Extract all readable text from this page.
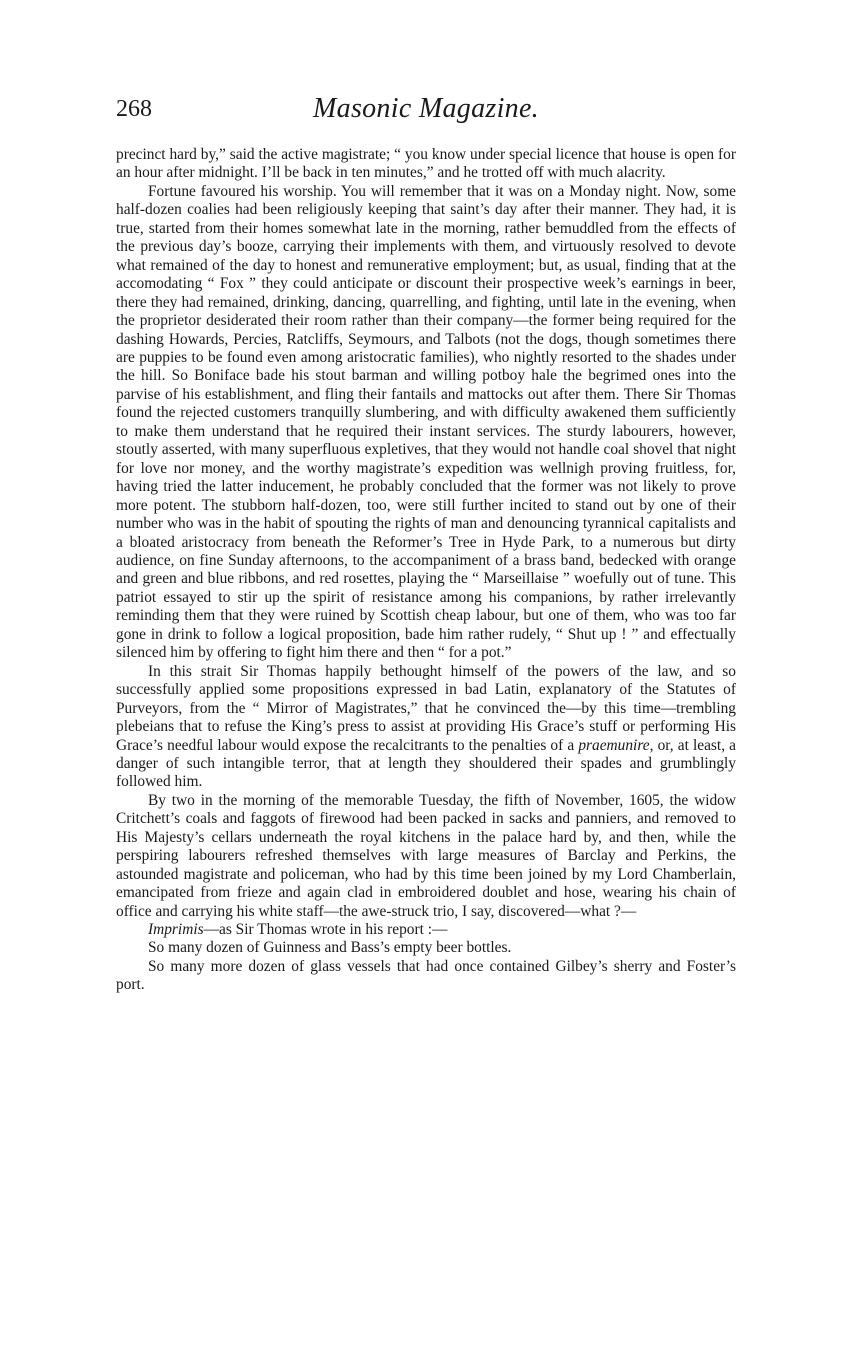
268	Masonic Magazine.

precinct hard by,” said the active magistrate; “ you know under special licence that house is open for an hour after midnight. I’ll be back in ten minutes,” and he trotted off with much alacrity.

Fortune favoured his worship. You will remember that it was on a Monday night. Now, some half-dozen coalies had been religiously keeping that saint’s day after their manner. They had, it is true, started from their homes somewhat late in the morning, rather bemuddled from the effects of the previous day’s booze, carrying their implements with them, and virtuously resolved to devote what remained of the day to honest and remunerative employment; but, as usual, finding that at the accomodating “ Fox ” they could anticipate or discount their prospective week’s earnings in beer, there they had remained, drinking, dancing, quarrelling, and fighting, until late in the evening, when the proprietor desiderated their room rather than their company—the former being required for the dashing Howards, Percies, Ratcliffs, Seymours, and Talbots (not the dogs, though sometimes there are puppies to be found even among aristocratic families), who nightly resorted to the shades under the hill. So Boniface bade his stout barman and willing potboy hale the begrimed ones into the parvise of his establishment, and fling their fantails and mattocks out after them. There Sir Thomas found the rejected customers tranquilly slumbering, and with difficulty awakened them sufficiently to make them understand that he required their instant services. The sturdy labourers, however, stoutly asserted, with many superfluous expletives, that they would not handle coal shovel that night for love nor money, and the worthy magistrate’s expedition was wellnigh proving fruitless, for, having tried the latter inducement, he probably concluded that the former was not likely to prove more potent. The stubborn half-dozen, too, were still further incited to stand out by one of their number who was in the habit of spouting the rights of man and denouncing tyrannical capitalists and a bloated aristocracy from beneath the Reformer’s Tree in Hyde Park, to a numerous but dirty audience, on fine Sunday afternoons, to the accompaniment of a brass band, bedecked with orange and green and blue ribbons, and red rosettes, playing the “ Marseillaise ” woefully out of tune. This patriot essayed to stir up the spirit of resistance among his companions, by rather irrelevantly reminding them that they were ruined by Scottish cheap labour, but one of them, who was too far gone in drink to follow a logical proposition, bade him rather rudely, “ Shut up ! ” and effectually silenced him by offering to fight him there and then “ for a pot.”

In this strait Sir Thomas happily bethought himself of the powers of the law, and so successfully applied some propositions expressed in bad Latin, explanatory of the Statutes of Purveyors, from the “ Mirror of Magistrates,” that he convinced the—by this time—trembling plebeians that to refuse the King’s press to assist at providing His Grace’s stuff or performing His Grace’s needful labour would expose the recalcitrants to the penalties of a praemunire, or, at least, a danger of such intangible terror, that at length they shouldered their spades and grumblingly followed him.

By two in the morning of the memorable Tuesday, the fifth of November, 1605, the widow Critchett’s coals and faggots of firewood had been packed in sacks and panniers, and removed to His Majesty’s cellars underneath the royal kitchens in the palace hard by, and then, while the perspiring labourers refreshed themselves with large measures of Barclay and Perkins, the astounded magistrate and policeman, who had by this time been joined by my Lord Chamberlain, emancipated from frieze and again clad in embroidered doublet and hose, wearing his chain of office and carrying his white staff—the awe-struck trio, I say, discovered—what ?—

Imprimis—as Sir Thomas wrote in his report :—

So many dozen of Guinness and Bass’s empty beer bottles.

So many more dozen of glass vessels that had once contained Gilbey’s sherry and Foster’s port.
